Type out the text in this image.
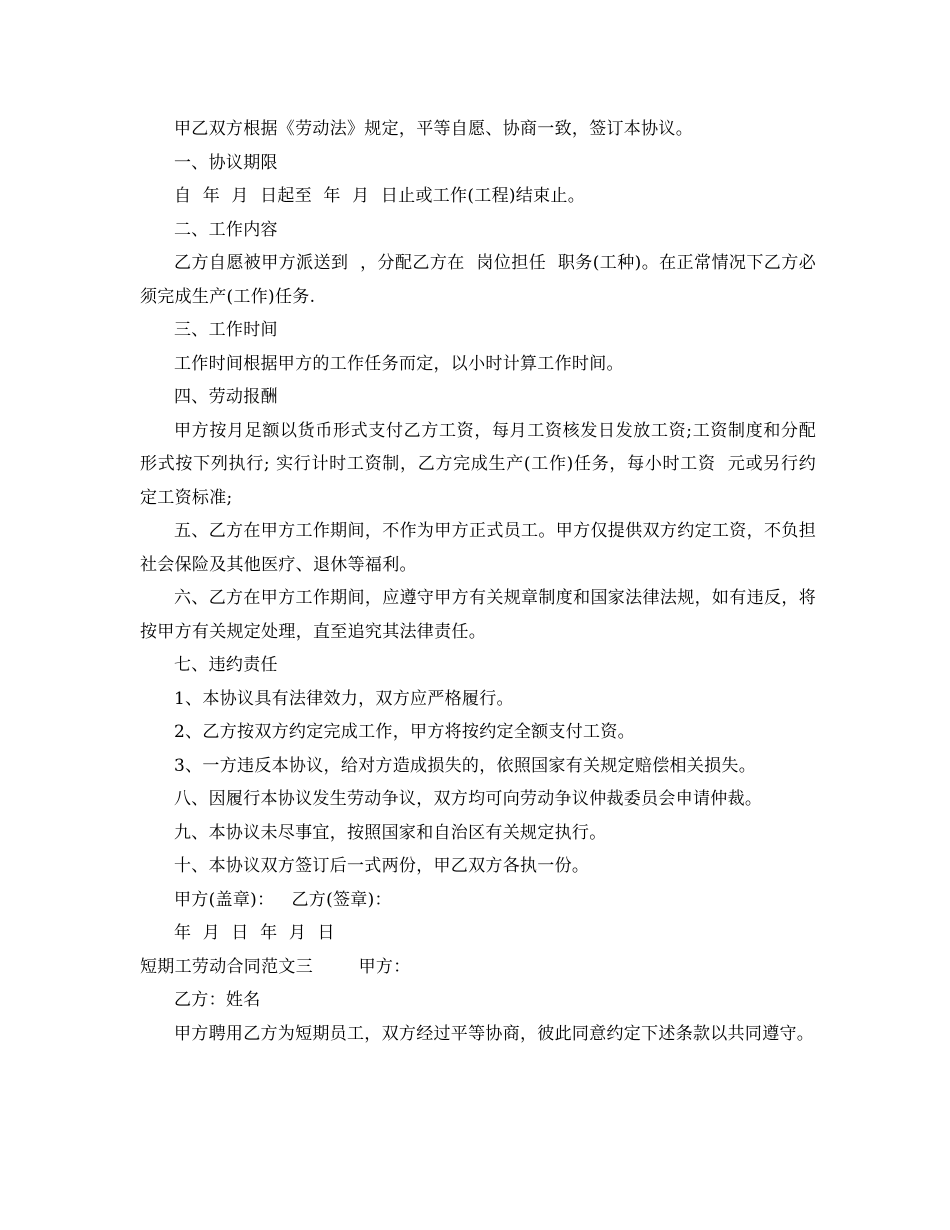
甲乙双方根据《劳动法》规定，平等自愿、协商一致，签订本协议。

一、协议期限

自  年  月  日起至  年  月  日止或工作(工程)结束止。

二、工作内容

乙方自愿被甲方派送到  ，分配乙方在  岗位担任  职务(工种)。在正常情况下乙方必须完成生产(工作)任务.

三、工作时间

工作时间根据甲方的工作任务而定，以小时计算工作时间。

四、劳动报酬

甲方按月足额以货币形式支付乙方工资，每月工资核发日发放工资;工资制度和分配形式按下列执行; 实行计时工资制，乙方完成生产(工作)任务，每小时工资  元或另行约定工资标准;

五、乙方在甲方工作期间，不作为甲方正式员工。甲方仅提供双方约定工资，不负担社会保险及其他医疗、退休等福利。

六、乙方在甲方工作期间，应遵守甲方有关规章制度和国家法律法规，如有违反，将按甲方有关规定处理，直至追究其法律责任。

七、违约责任

1、本协议具有法律效力，双方应严格履行。

2、乙方按双方约定完成工作，甲方将按约定全额支付工资。

3、一方违反本协议，给对方造成损失的，依照国家有关规定赔偿相关损失。

八、因履行本协议发生劳动争议，双方均可向劳动争议仲裁委员会申请仲裁。

九、本协议未尽事宜，按照国家和自治区有关规定执行。

十、本协议双方签订后一式两份，甲乙双方各执一份。

甲方(盖章)：   乙方(签章)：

年  月  日  年  月  日

短期工劳动合同范文三        甲方：

乙方：姓名

甲方聘用乙方为短期员工，双方经过平等协商，彼此同意约定下述条款以共同遵守。
